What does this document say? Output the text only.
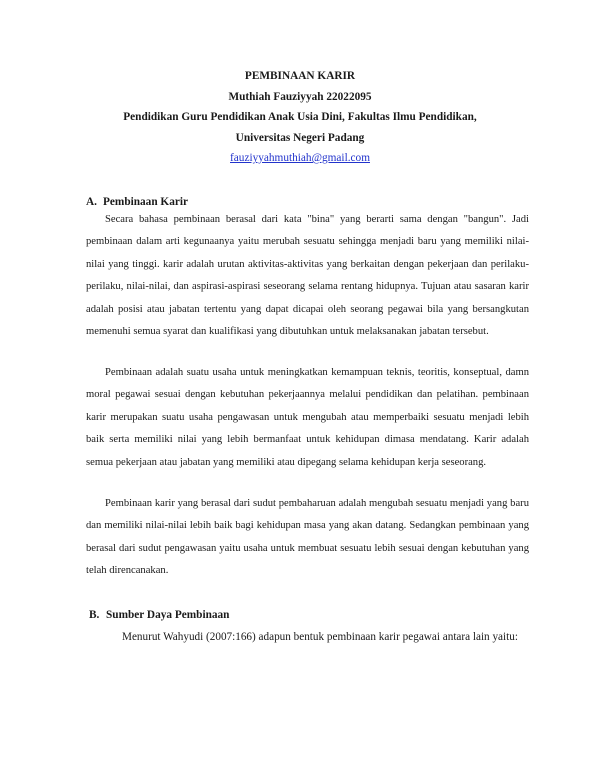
PEMBINAAN KARIR
Muthiah Fauziyyah 22022095
Pendidikan Guru Pendidikan Anak Usia Dini, Fakultas Ilmu Pendidikan,
Universitas Negeri Padang
fauziyyahmuthiah@gmail.com
A. Pembinaan Karir

Secara bahasa pembinaan berasal dari kata "bina" yang berarti sama dengan "bangun". Jadi pembinaan dalam arti kegunaanya yaitu merubah sesuatu sehingga menjadi baru yang memiliki nilai-nilai yang tinggi. karir adalah urutan aktivitas-aktivitas yang berkaitan dengan pekerjaan dan perilaku-perilaku, nilai-nilai, dan aspirasi-aspirasi seseorang selama rentang hidupnya. Tujuan atau sasaran karir adalah posisi atau jabatan tertentu yang dapat dicapai oleh seorang pegawai bila yang bersangkutan memenuhi semua syarat dan kualifikasi yang dibutuhkan untuk melaksanakan jabatan tersebut.

Pembinaan adalah suatu usaha untuk meningkatkan kemampuan teknis, teoritis, konseptual, damn moral pegawai sesuai dengan kebutuhan pekerjaannya melalui pendidikan dan pelatihan. pembinaan karir merupakan suatu usaha pengawasan untuk mengubah atau memperbaiki sesuatu menjadi lebih baik serta memiliki nilai yang lebih bermanfaat untuk kehidupan dimasa mendatang. Karir adalah semua pekerjaan atau jabatan yang memiliki atau dipegang selama kehidupan kerja seseorang.

Pembinaan karir yang berasal dari sudut pembaharuan adalah mengubah sesuatu menjadi yang baru dan memiliki nilai-nilai lebih baik bagi kehidupan masa yang akan datang. Sedangkan pembinaan yang berasal dari sudut pengawasan yaitu usaha untuk membuat sesuatu lebih sesuai dengan kebutuhan yang telah direncanakan.

B. Sumber Daya Pembinaan

Menurut Wahyudi (2007:166) adapun bentuk pembinaan karir pegawai antara lain yaitu:
